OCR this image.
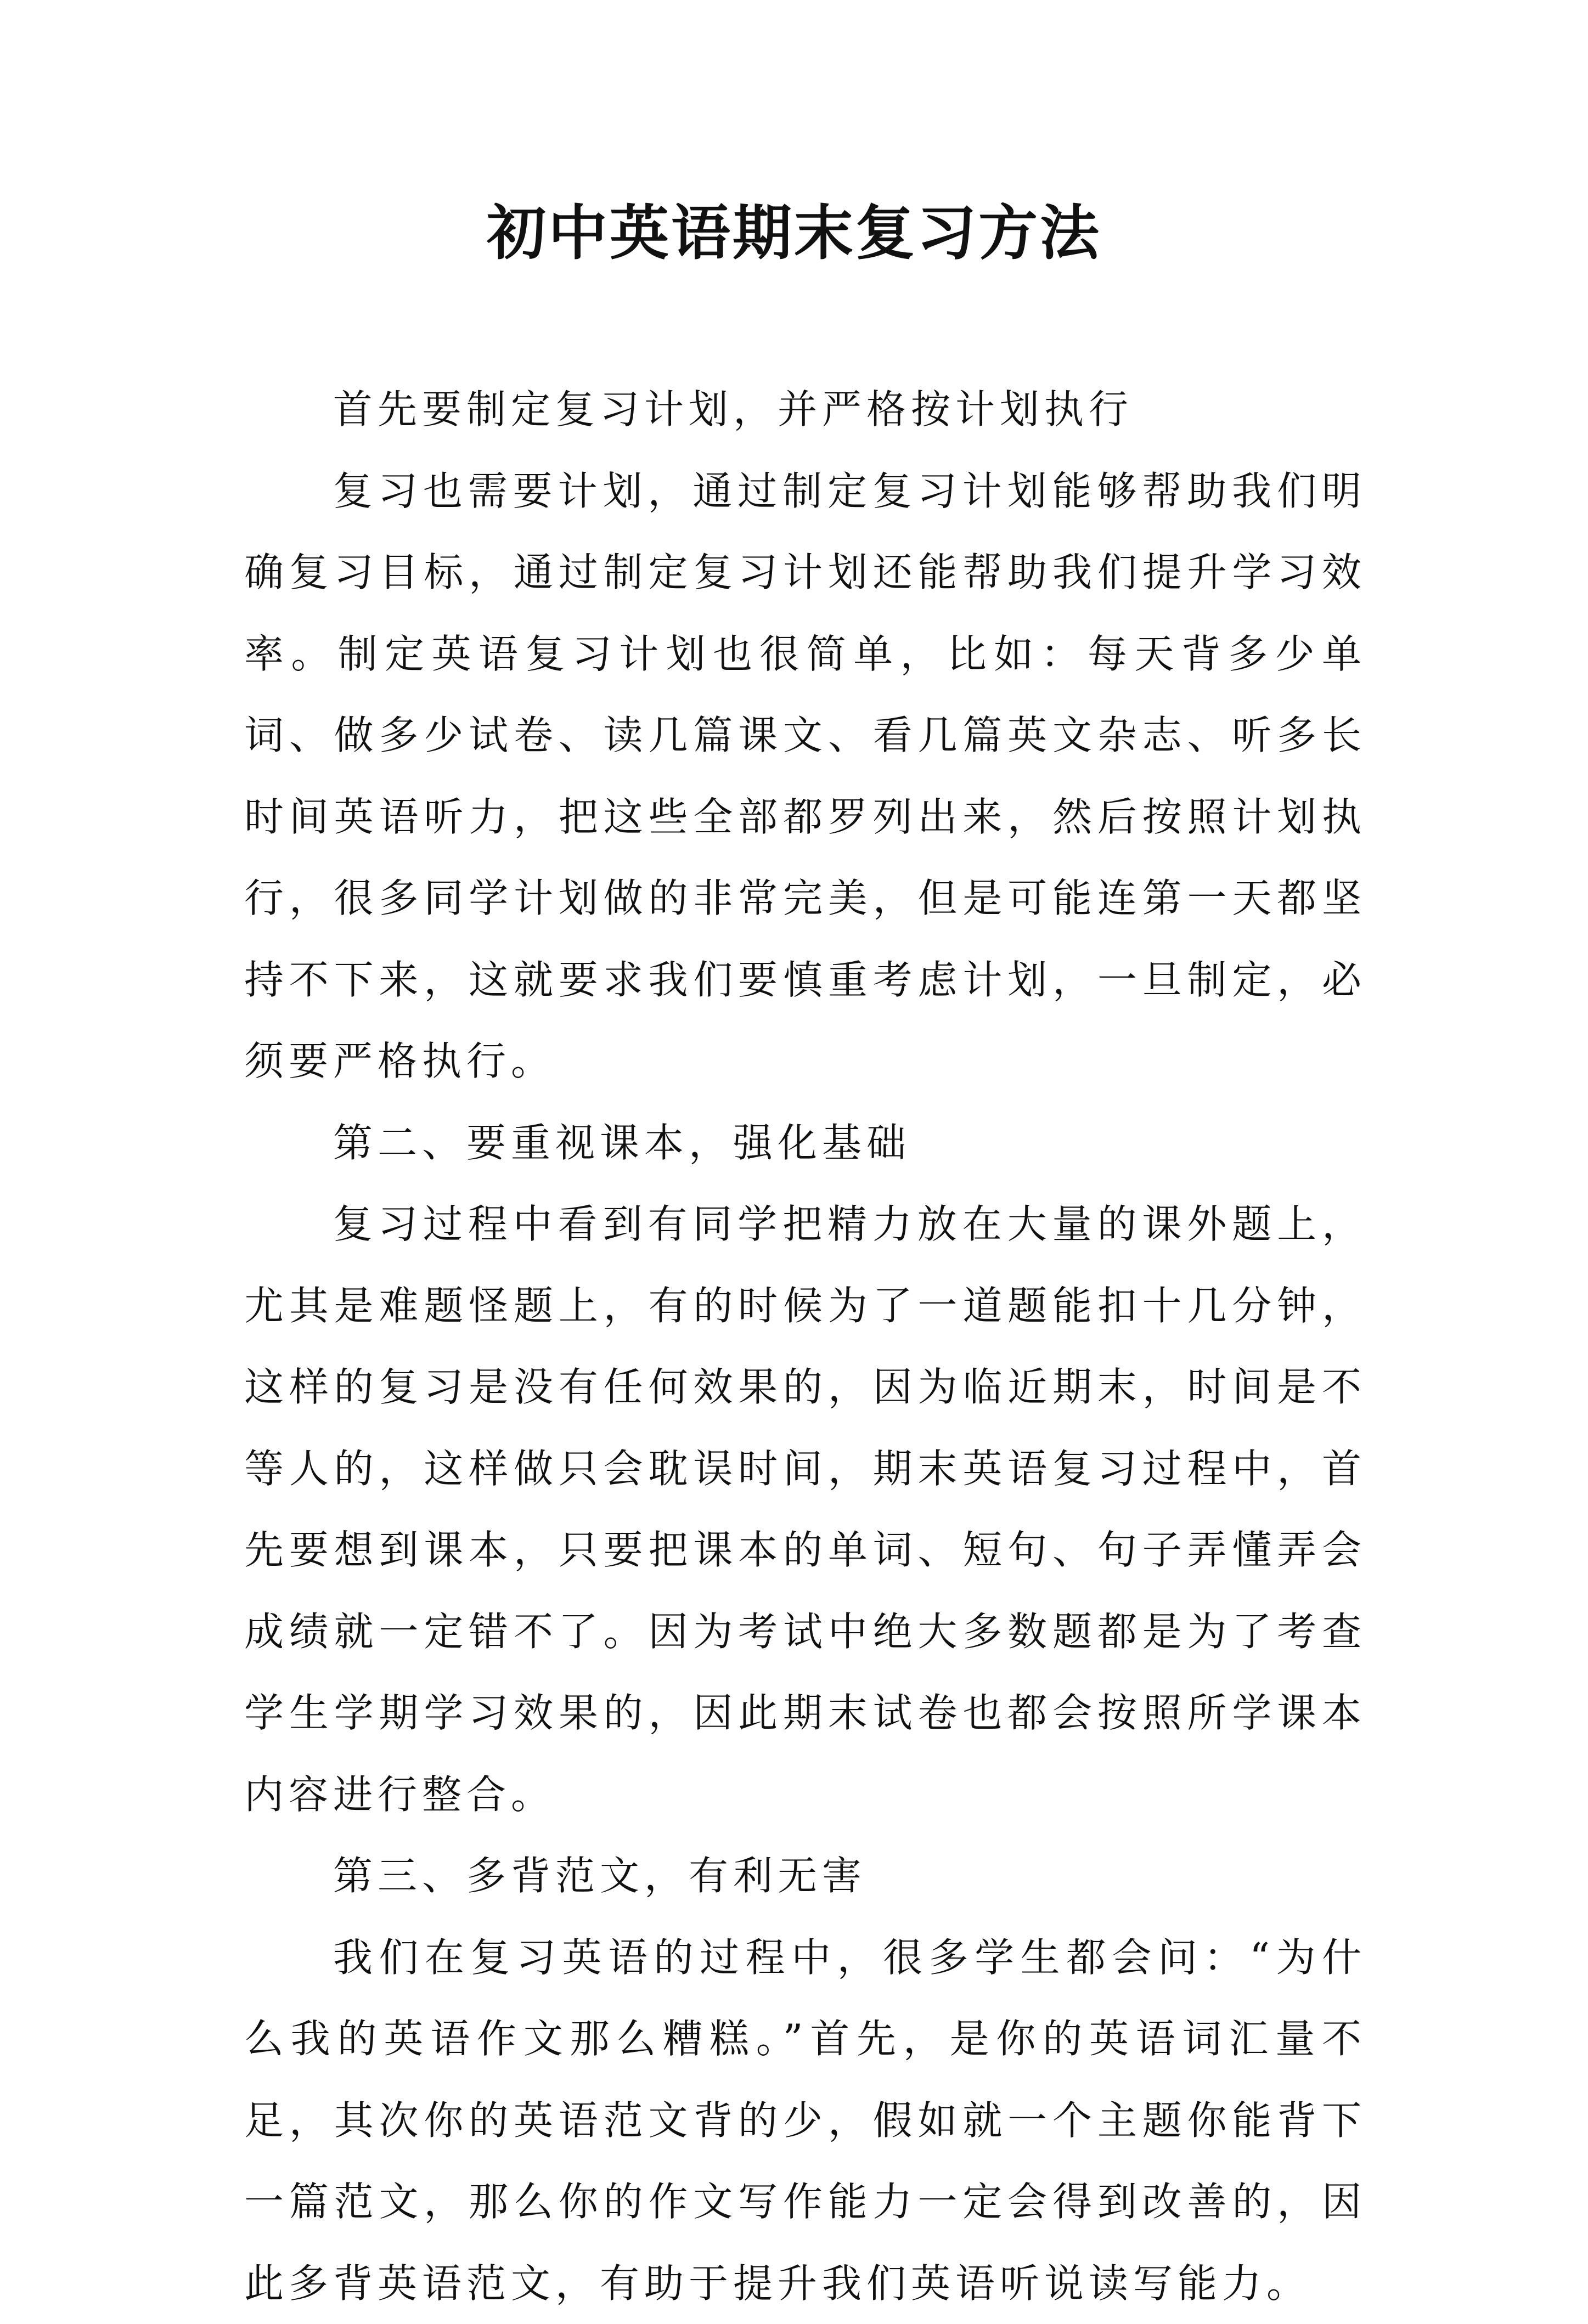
初中英语期末复习方法

首先要制定复习计划，并严格按计划执行

复习也需要计划，通过制定复习计划能够帮助我们明确复习目标，通过制定复习计划还能帮助我们提升学习效率。制定英语复习计划也很简单，比如：每天背多少单词、做多少试卷、读几篇课文、看几篇英文杂志、听多长时间英语听力，把这些全部都罗列出来，然后按照计划执行，很多同学计划做的非常完美，但是可能连第一天都坚持不下来，这就要求我们要慎重考虑计划，一旦制定，必须要严格执行。

第二、要重视课本，强化基础

复习过程中看到有同学把精力放在大量的课外题上，尤其是难题怪题上，有的时候为了一道题能扣十几分钟，这样的复习是没有任何效果的，因为临近期末，时间是不等人的，这样做只会耽误时间，期末英语复习过程中，首先要想到课本，只要把课本的单词、短句、句子弄懂弄会成绩就一定错不了。因为考试中绝大多数题都是为了考查学生学期学习效果的，因此期末试卷也都会按照所学课本内容进行整合。

第三、多背范文，有利无害

我们在复习英语的过程中，很多学生都会问：“为什么我的英语作文那么糟糕。”首先，是你的英语词汇量不足，其次你的英语范文背的少，假如就一个主题你能背下一篇范文，那么你的作文写作能力一定会得到改善的，因此多背英语范文，有助于提升我们英语听说读写能力。
